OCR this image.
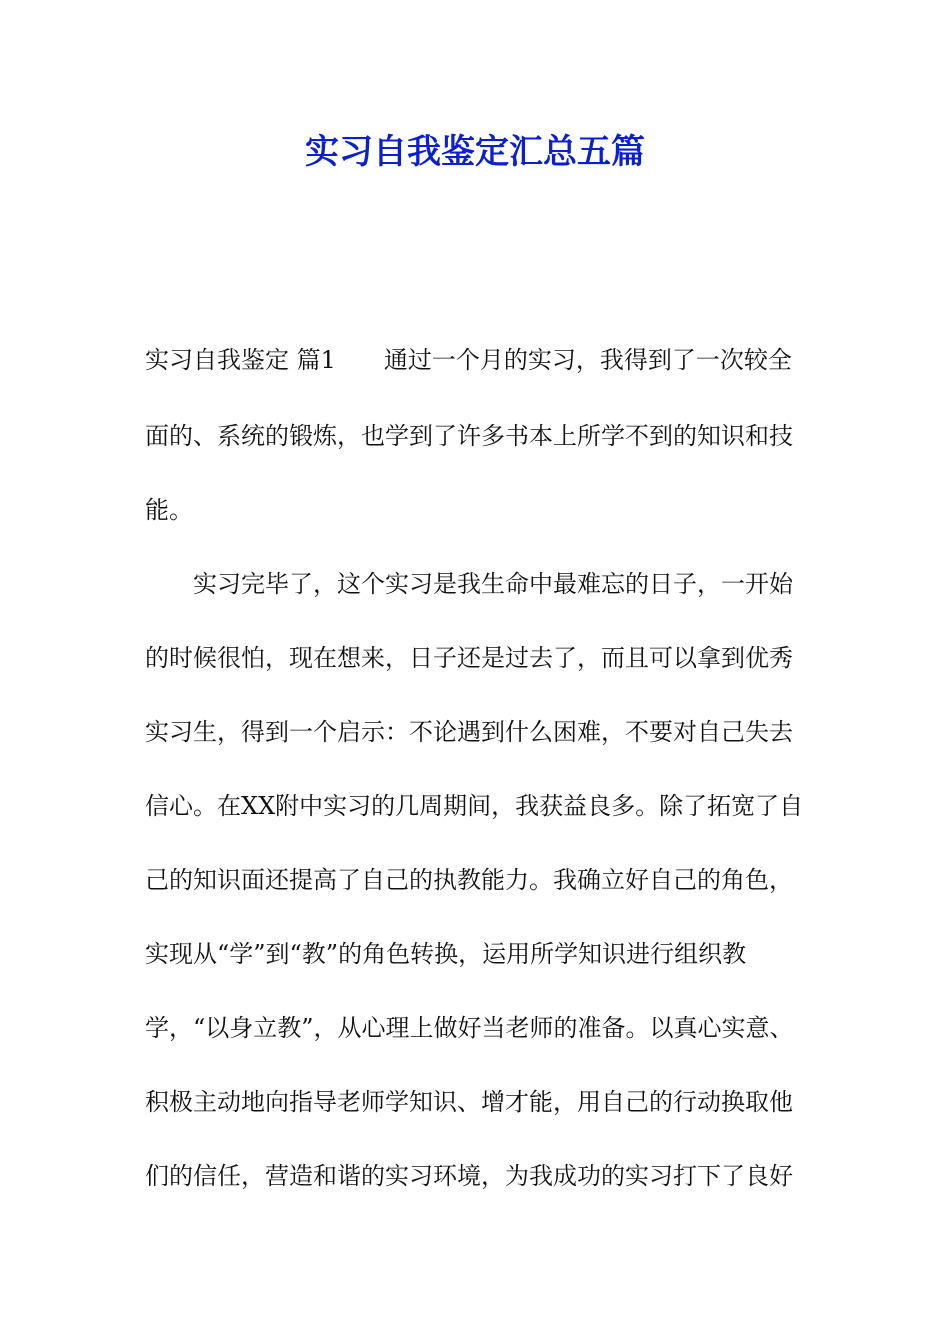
实习自我鉴定汇总五篇

实习自我鉴定 篇1 通过一个月的实习，我得到了一次较全

面的、系统的锻炼，也学到了许多书本上所学不到的知识和技

能。

实习完毕了，这个实习是我生命中最难忘的日子，一开始

的时候很怕，现在想来，日子还是过去了，而且可以拿到优秀

实习生，得到一个启示：不论遇到什么困难，不要对自己失去

信心。在XX附中实习的几周期间，我获益良多。除了拓宽了自

己的知识面还提高了自己的执教能力。我确立好自己的角色，

实现从“学”到“教”的角色转换，运用所学知识进行组织教

学，“以身立教”，从心理上做好当老师的准备。以真心实意、

积极主动地向指导老师学知识、增才能，用自己的行动换取他

们的信任，营造和谐的实习环境，为我成功的实习打下了良好
